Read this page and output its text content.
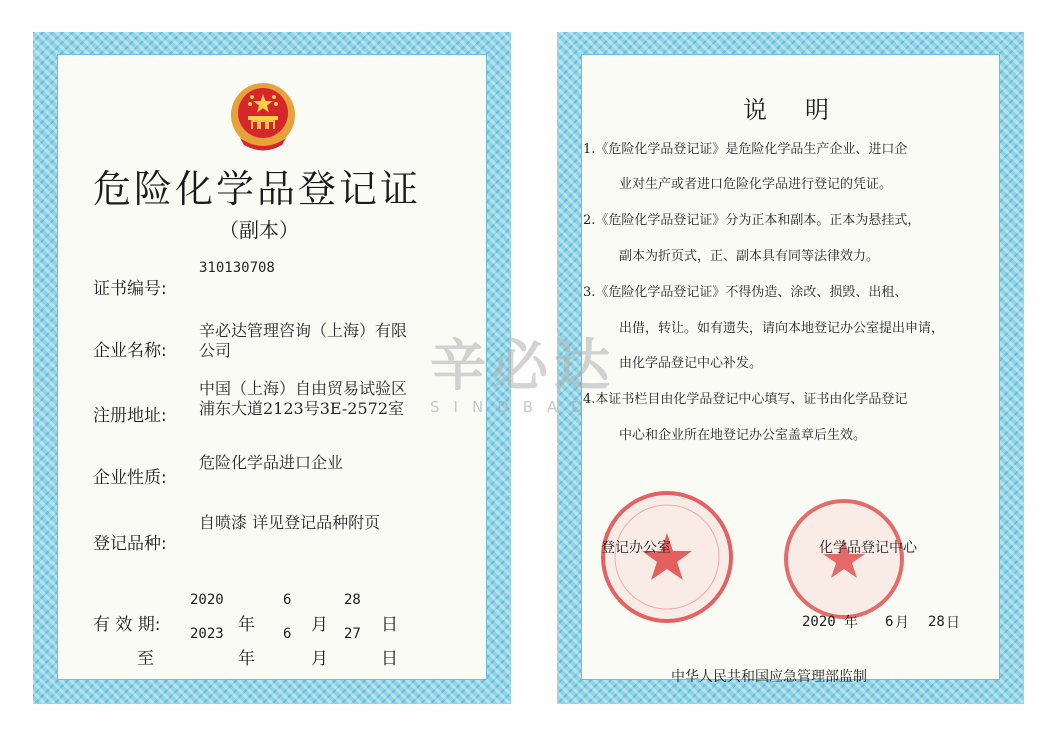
危险化学品登记证
（副本）
证书编号:
310130708
企业名称:
辛必达管理咨询（上海）有限
公司
注册地址:
中国（上海）自由贸易试验区
浦东大道2123号3E-2572室
企业性质:
危险化学品进口企业
登记品种:
自喷漆 详见登记品种附页
有 效 期:
至
2020	6	28
年	月	日
2023	6	27
年	月	日
说明
1.《危险化学品登记证》是危险化学品生产企业、进口企
业对生产或者进口危险化学品进行登记的凭证。
2.《危险化学品登记证》分为正本和副本。正本为悬挂式，
副本为折页式，正、副本具有同等法律效力。
3.《危险化学品登记证》不得伪造、涂改、损毁、出租、
出借，转让。如有遗失，请向本地登记办公室提出申请，
由化学品登记中心补发。
4.本证书栏目由化学品登记中心填写、证书由化学品登记
中心和企业所在地登记办公室盖章后生效。
登记办公室	化学品登记中心
2020 年 6 月 28 日
中华人民共和国应急管理部监制
辛必达
SINDBAD
